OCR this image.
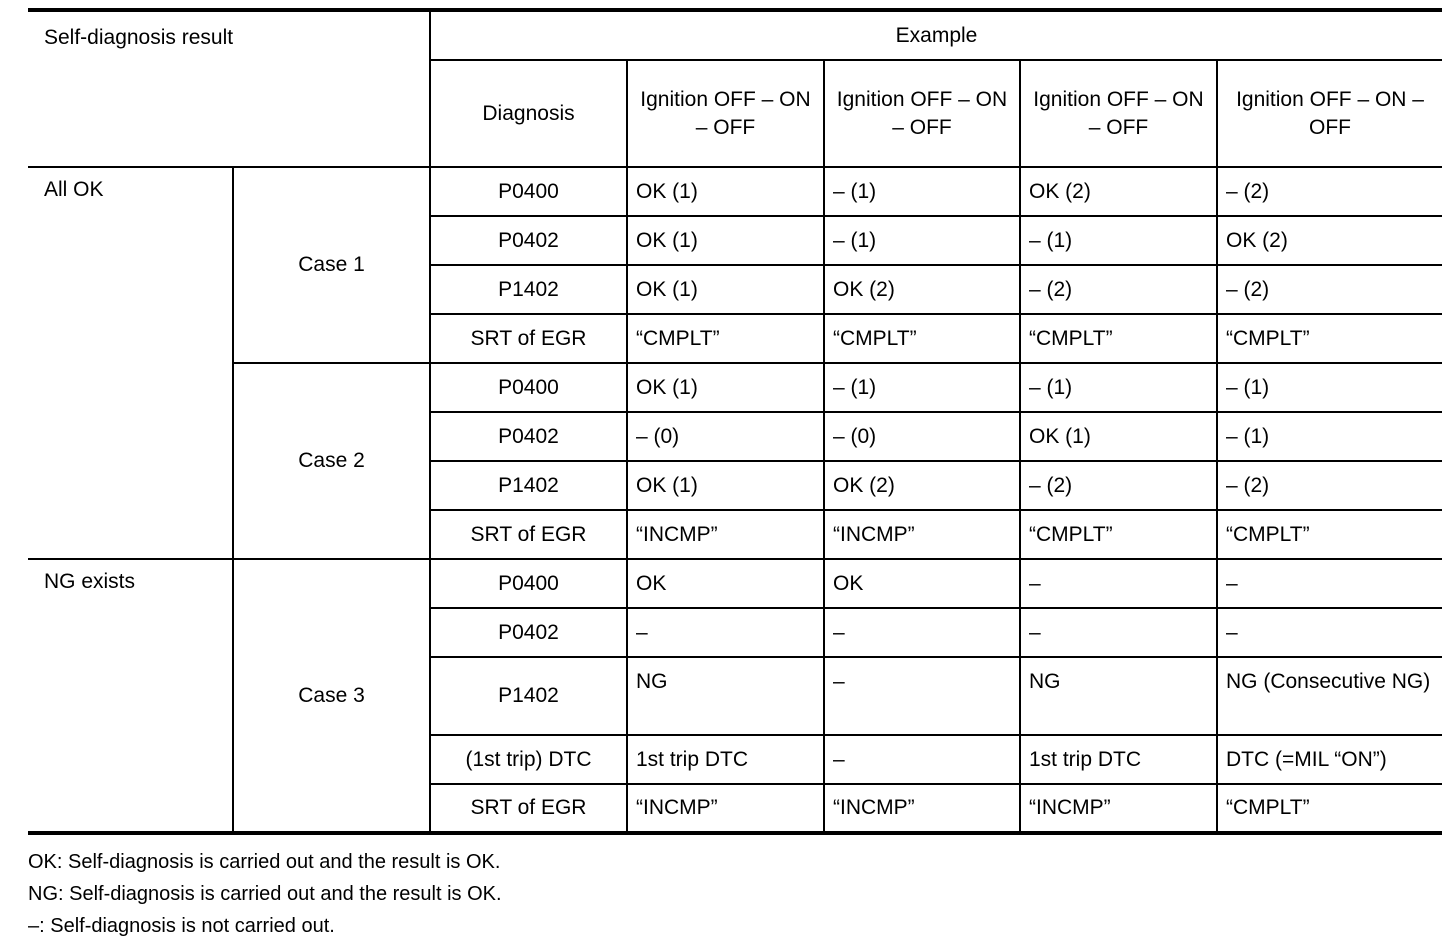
Self-diagnosis result		Example				
		Diagnosis	Ignition OFF – ON – OFF	Ignition OFF – ON – OFF	Ignition OFF – ON – OFF	Ignition OFF – ON – OFF
All OK	Case 1	P0400	OK (1)	– (1)	OK (2)	– (2)
		P0402	OK (1)	– (1)	– (1)	OK (2)
		P1402	OK (1)	OK (2)	– (2)	– (2)
		SRT of EGR	“CMPLT”	“CMPLT”	“CMPLT”	“CMPLT”
	Case 2	P0400	OK (1)	– (1)	– (1)	– (1)
		P0402	– (0)	– (0)	OK (1)	– (1)
		P1402	OK (1)	OK (2)	– (2)	– (2)
		SRT of EGR	“INCMP”	“INCMP”	“CMPLT”	“CMPLT”
NG exists	Case 3	P0400	OK	OK	–	–
		P0402	–	–	–	–
		P1402	NG	–	NG	NG (Consecutive NG)
		(1st trip) DTC	1st trip DTC	–	1st trip DTC	DTC (=MIL “ON”)
		SRT of EGR	“INCMP”	“INCMP”	“INCMP”	“CMPLT”
OK: Self-diagnosis is carried out and the result is OK.
NG: Self-diagnosis is carried out and the result is OK.
–: Self-diagnosis is not carried out.
